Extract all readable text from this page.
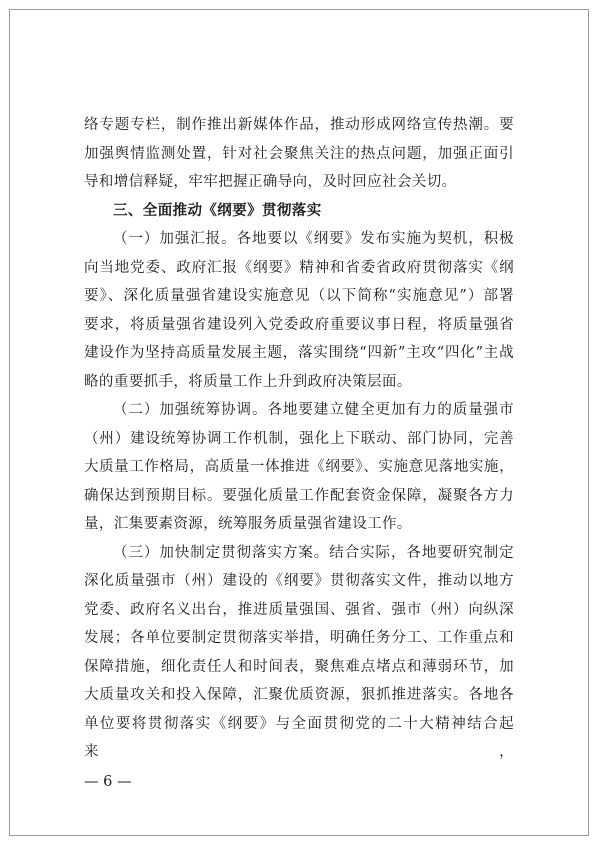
络专题专栏，制作推出新媒体作品，推动形成网络宣传热潮。要

加强舆情监测处置，针对社会聚焦关注的热点问题，加强正面引

导和增信释疑，牢牢把握正确导向，及时回应社会关切。

三、全面推动《纲要》贯彻落实

（一）加强汇报。各地要以《纲要》发布实施为契机，积极

向当地党委、政府汇报《纲要》精神和省委省政府贯彻落实《纲

要》、深化质量强省建设实施意见（以下简称“实施意见”）部署

要求，将质量强省建设列入党委政府重要议事日程，将质量强省

建设作为坚持高质量发展主题，落实围绕“四新”主攻“四化”主战

略的重要抓手，将质量工作上升到政府决策层面。

（二）加强统筹协调。各地要建立健全更加有力的质量强市

（州）建设统筹协调工作机制，强化上下联动、部门协同，完善

大质量工作格局，高质量一体推进《纲要》、实施意见落地实施，

确保达到预期目标。要强化质量工作配套资金保障，凝聚各方力

量，汇集要素资源，统筹服务质量强省建设工作。

（三）加快制定贯彻落实方案。结合实际，各地要研究制定

深化质量强市（州）建设的《纲要》贯彻落实文件，推动以地方

党委、政府名义出台，推进质量强国、强省、强市（州）向纵深

发展；各单位要制定贯彻落实举措，明确任务分工、工作重点和

保障措施，细化责任人和时间表，聚焦难点堵点和薄弱环节，加

大质量攻关和投入保障，汇聚优质资源，狠抓推进落实。各地各

单位要将贯彻落实《纲要》与全面贯彻党的二十大精神结合起来，

— 6 —
